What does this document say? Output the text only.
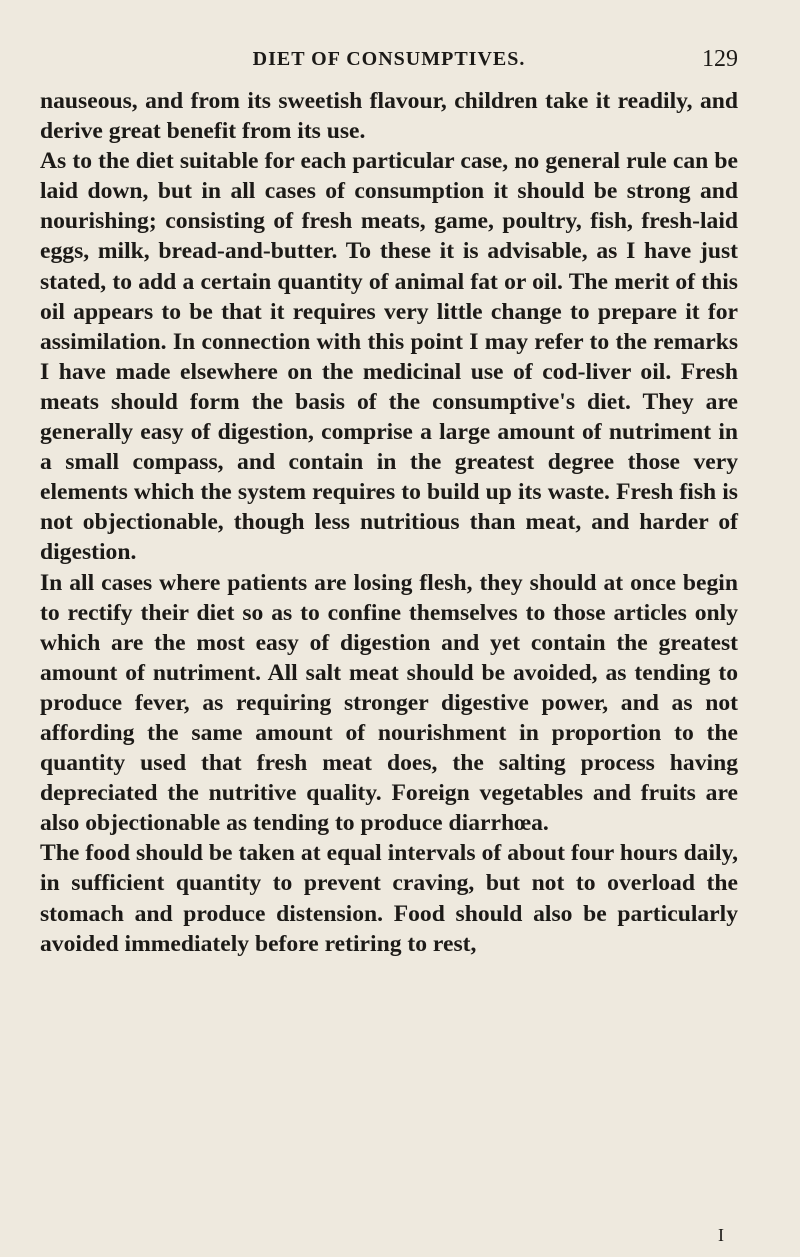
DIET OF CONSUMPTIVES.	129

nauseous, and from its sweetish flavour, children take it readily, and derive great benefit from its use.

As to the diet suitable for each particular case, no general rule can be laid down, but in all cases of consumption it should be strong and nourishing; consisting of fresh meats, game, poultry, fish, fresh-laid eggs, milk, bread-and-butter. To these it is advisable, as I have just stated, to add a certain quantity of animal fat or oil. The merit of this oil appears to be that it requires very little change to prepare it for assimilation. In connection with this point I may refer to the remarks I have made elsewhere on the medicinal use of cod-liver oil. Fresh meats should form the basis of the consumptive's diet. They are generally easy of digestion, comprise a large amount of nutriment in a small compass, and contain in the greatest degree those very elements which the system requires to build up its waste. Fresh fish is not objectionable, though less nutritious than meat, and harder of digestion.

In all cases where patients are losing flesh, they should at once begin to rectify their diet so as to confine themselves to those articles only which are the most easy of digestion and yet contain the greatest amount of nutriment. All salt meat should be avoided, as tending to produce fever, as requiring stronger digestive power, and as not affording the same amount of nourishment in proportion to the quantity used that fresh meat does, the salting process having depreciated the nutritive quality. Foreign vegetables and fruits are also objectionable as tending to produce diarrhœa.

The food should be taken at equal intervals of about four hours daily, in sufficient quantity to prevent craving, but not to overload the stomach and produce distension. Food should also be particularly avoided immediately before retiring to rest,

I
